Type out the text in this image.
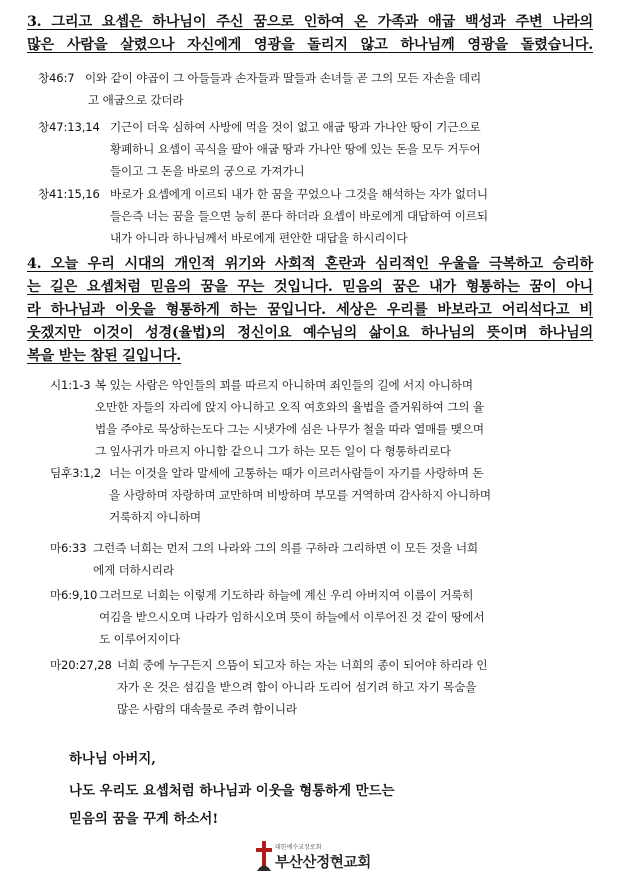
3. 그리고 요셉은 하나님이 주신 꿈으로 인하여 온 가족과 애굽 백성과 주변 나라의
많은 사람을 살렸으나 자신에게 영광을 돌리지 않고 하나님께 영광을 돌렸습니다.
창46:7 이와 같이 야곱이 그 아들들과 손자들과 딸들과 손녀들 곧 그의 모든 자손을 데리
고 애굽으로 갔더라
창47:13,14 기근이 더욱 심하여 사방에 먹을 것이 없고 애굽 땅과 가나안 땅이 기근으로
황폐하니 요셉이 곡식을 팔아 애굽 땅과 가나안 땅에 있는 돈을 모두 거두어
들이고 그 돈을 바로의 궁으로 가져가니
창41:15,16 바로가 요셉에게 이르되 내가 한 꿈을 꾸었으나 그것을 해석하는 자가 없더니
들은즉 너는 꿈을 들으면 능히 푼다 하더라 요셉이 바로에게 대답하여 이르되
내가 아니라 하나님께서 바로에게 편안한 대답을 하시리이다
4. 오늘 우리 시대의 개인적 위기와 사회적 혼란과 심리적인 우울을 극복하고 승리하
는 길은 요셉처럼 믿음의 꿈을 꾸는 것입니다. 믿음의 꿈은 내가 형통하는 꿈이 아니
라 하나님과 이웃을 형통하게 하는 꿈입니다. 세상은 우리를 바보라고 어리석다고 비
웃겠지만 이것이 성경(율법)의 정신이요 예수님의 삶이요 하나님의 뜻이며 하나님의
복을 받는 참된 길입니다.
시1:1-3 복 있는 사람은 악인들의 꾀를 따르지 아니하며 죄인들의 길에 서지 아니하며
오만한 자들의 자리에 앉지 아니하고 오직 여호와의 율법을 즐거워하여 그의 율
법을 주야로 묵상하는도다 그는 시냇가에 심은 나무가 철을 따라 열매를 맺으며
그 잎사귀가 마르지 아니함 같으니 그가 하는 모든 일이 다 형통하리로다
딤후3:1,2 너는 이것을 알라 말세에 고통하는 때가 이르러사람들이 자기를 사랑하며 돈
을 사랑하며 자랑하며 교만하며 비방하며 부모를 거역하며 감사하지 아니하며
거룩하지 아니하며
마6:33 그런즉 너희는 먼저 그의 나라와 그의 의를 구하라 그리하면 이 모든 것을 너희
에게 더하시리라
마6:9,10 그러므로 너희는 이렇게 기도하라 하늘에 계신 우리 아버지여 이름이 거룩히
여김을 받으시오며 나라가 임하시오며 뜻이 하늘에서 이루어진 것 같이 땅에서
도 이루어지이다
마20:27,28 너희 중에 누구든지 으뜸이 되고자 하는 자는 너희의 종이 되어야 하리라 인
자가 온 것은 섬김을 받으려 함이 아니라 도리어 섬기려 하고 자기 목숨을
많은 사람의 대속물로 주려 함이니라
하나님 아버지,
나도 우리도 요셉처럼 하나님과 이웃을 형통하게 만드는
믿음의 꿈을 꾸게 하소서!
대한예수교장로회
부산산정현교회
